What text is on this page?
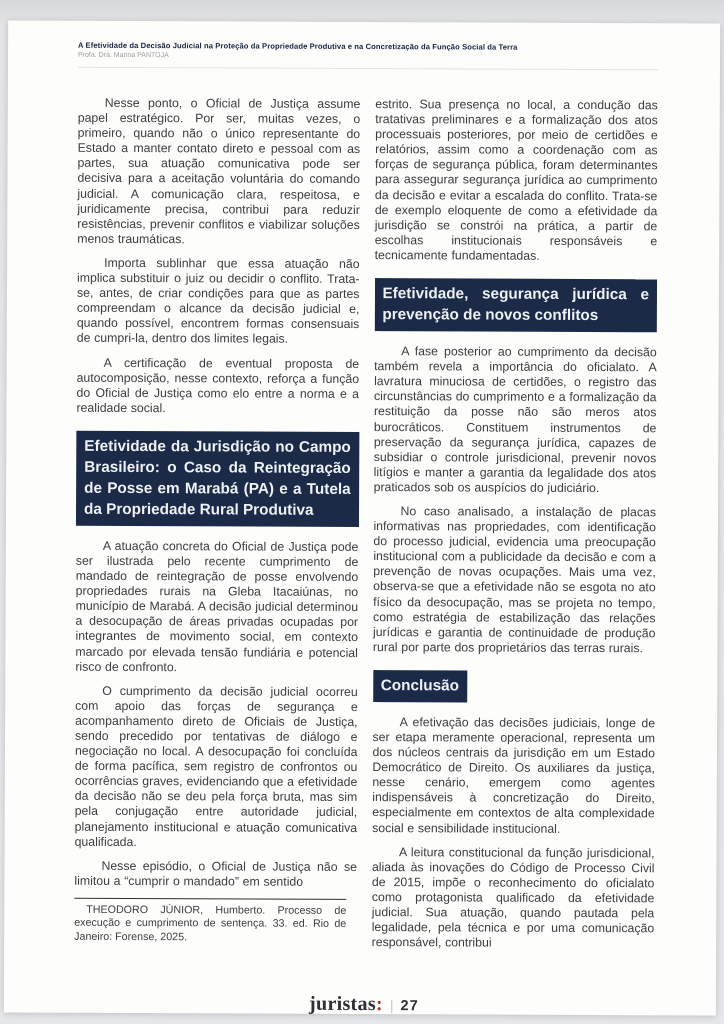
A Efetividade da Decisão Judicial na Proteção da Propriedade Produtiva e na Concretização da Função Social da Terra
Profa. Dra. Marina PANTOJA

Nesse ponto, o Oficial de Justiça assume papel estratégico. Por ser, muitas vezes, o primeiro, quando não o único representante do Estado a manter contato direto e pessoal com as partes, sua atuação comunicativa pode ser decisiva para a aceitação voluntária do comando judicial. A comunicação clara, respeitosa, e juridicamente precisa, contribui para reduzir resistências, prevenir conflitos e viabilizar soluções menos traumáticas.

Importa sublinhar que essa atuação não implica substituir o juiz ou decidir o conflito. Trata-se, antes, de criar condições para que as partes compreendam o alcance da decisão judicial e, quando possível, encontrem formas consensuais de cumpri-la, dentro dos limites legais.

A certificação de eventual proposta de autocomposição, nesse contexto, reforça a função do Oficial de Justiça como elo entre a norma e a realidade social.

Efetividade da Jurisdição no Campo Brasileiro: o Caso da Reintegração de Posse em Marabá (PA) e a Tutela da Propriedade Rural Produtiva

A atuação concreta do Oficial de Justiça pode ser ilustrada pelo recente cumprimento de mandado de reintegração de posse envolvendo propriedades rurais na Gleba Itacaiúnas, no município de Marabá. A decisão judicial determinou a desocupação de áreas privadas ocupadas por integrantes de movimento social, em contexto marcado por elevada tensão fundiária e potencial risco de confronto.

O cumprimento da decisão judicial ocorreu com apoio das forças de segurança e acompanhamento direto de Oficiais de Justiça, sendo precedido por tentativas de diálogo e negociação no local. A desocupação foi concluída de forma pacífica, sem registro de confrontos ou ocorrências graves, evidenciando que a efetividade da decisão não se deu pela força bruta, mas sim pela conjugação entre autoridade judicial, planejamento institucional e atuação comunicativa qualificada.

Nesse episódio, o Oficial de Justiça não se limitou a “cumprir o mandado” em sentido

THEODORO JÚNIOR, Humberto. Processo de execução e cumprimento de sentença. 33. ed. Rio de Janeiro: Forense, 2025.

estrito. Sua presença no local, a condução das tratativas preliminares e a formalização dos atos processuais posteriores, por meio de certidões e relatórios, assim como a coordenação com as forças de segurança pública, foram determinantes para assegurar segurança jurídica ao cumprimento da decisão e evitar a escalada do conflito. Trata-se de exemplo eloquente de como a efetividade da jurisdição se constrói na prática, a partir de escolhas institucionais responsáveis e tecnicamente fundamentadas.

Efetividade, segurança jurídica e prevenção de novos conflitos

A fase posterior ao cumprimento da decisão também revela a importância do oficialato. A lavratura minuciosa de certidões, o registro das circunstâncias do cumprimento e a formalização da restituição da posse não são meros atos burocráticos. Constituem instrumentos de preservação da segurança jurídica, capazes de subsidiar o controle jurisdicional, prevenir novos litígios e manter a garantia da legalidade dos atos praticados sob os auspícios do judiciário.

No caso analisado, a instalação de placas informativas nas propriedades, com identificação do processo judicial, evidencia uma preocupação institucional com a publicidade da decisão e com a prevenção de novas ocupações. Mais uma vez, observa-se que a efetividade não se esgota no ato físico da desocupação, mas se projeta no tempo, como estratégia de estabilização das relações jurídicas e garantia de continuidade de produção rural por parte dos proprietários das terras rurais.

Conclusão

A efetivação das decisões judiciais, longe de ser etapa meramente operacional, representa um dos núcleos centrais da jurisdição em um Estado Democrático de Direito. Os auxiliares da justiça, nesse cenário, emergem como agentes indispensáveis à concretização do Direito, especialmente em contextos de alta complexidade social e sensibilidade institucional.

A leitura constitucional da função jurisdicional, aliada às inovações do Código de Processo Civil de 2015, impõe o reconhecimento do oficialato como protagonista qualificado da efetividade judicial. Sua atuação, quando pautada pela legalidade, pela técnica e por uma comunicação responsável, contribui

juristas: | 27
